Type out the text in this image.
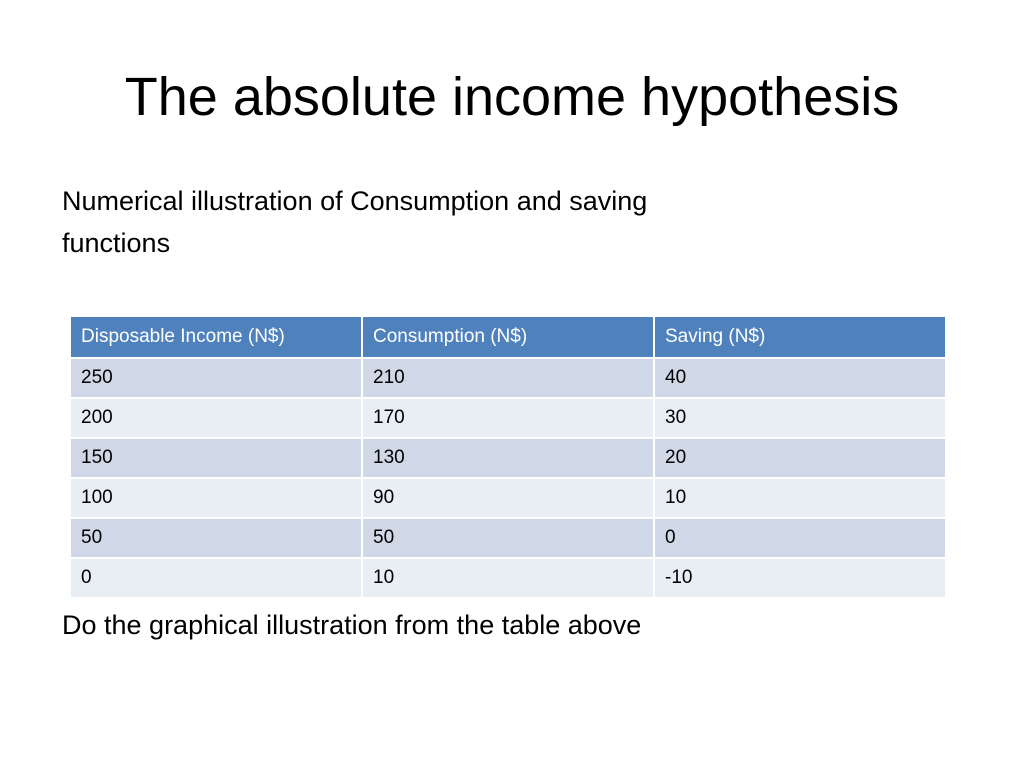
The absolute income hypothesis

Numerical illustration of Consumption and saving functions

Disposable Income (N$)	Consumption (N$)	Saving (N$)
250	210	40
200	170	30
150	130	20
100	90	10
50	50	0
0	10	-10

Do the graphical illustration from the table above
